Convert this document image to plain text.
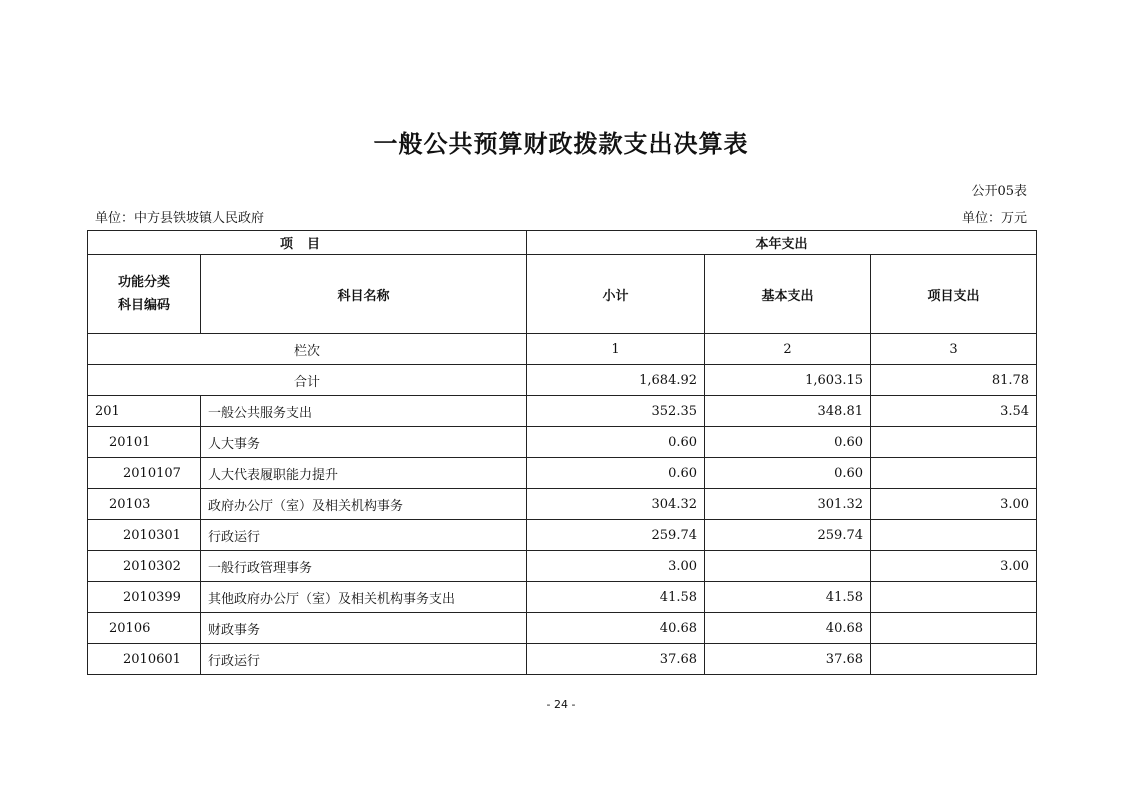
一般公共预算财政拨款支出决算表
公开05表
单位：中方县铁坡镇人民政府	单位：万元
项目		本年支出		

功能分类
科目编码	科目名称	小计	基本支出	项目支出
栏次		1	2	3
合计		1,684.92	1,603.15	81.78
201	一般公共服务支出	352.35	348.81	3.54
20101	人大事务	0.60	0.60	
2010107	人大代表履职能力提升	0.60	0.60	
20103	政府办公厅（室）及相关机构事务	304.32	301.32	3.00
2010301	行政运行	259.74	259.74	
2010302	一般行政管理事务	3.00		3.00
2010399	其他政府办公厅（室）及相关机构事务支出	41.58	41.58	
20106	财政事务	40.68	40.68	
2010601	行政运行	37.68	37.68	
- 24 -
